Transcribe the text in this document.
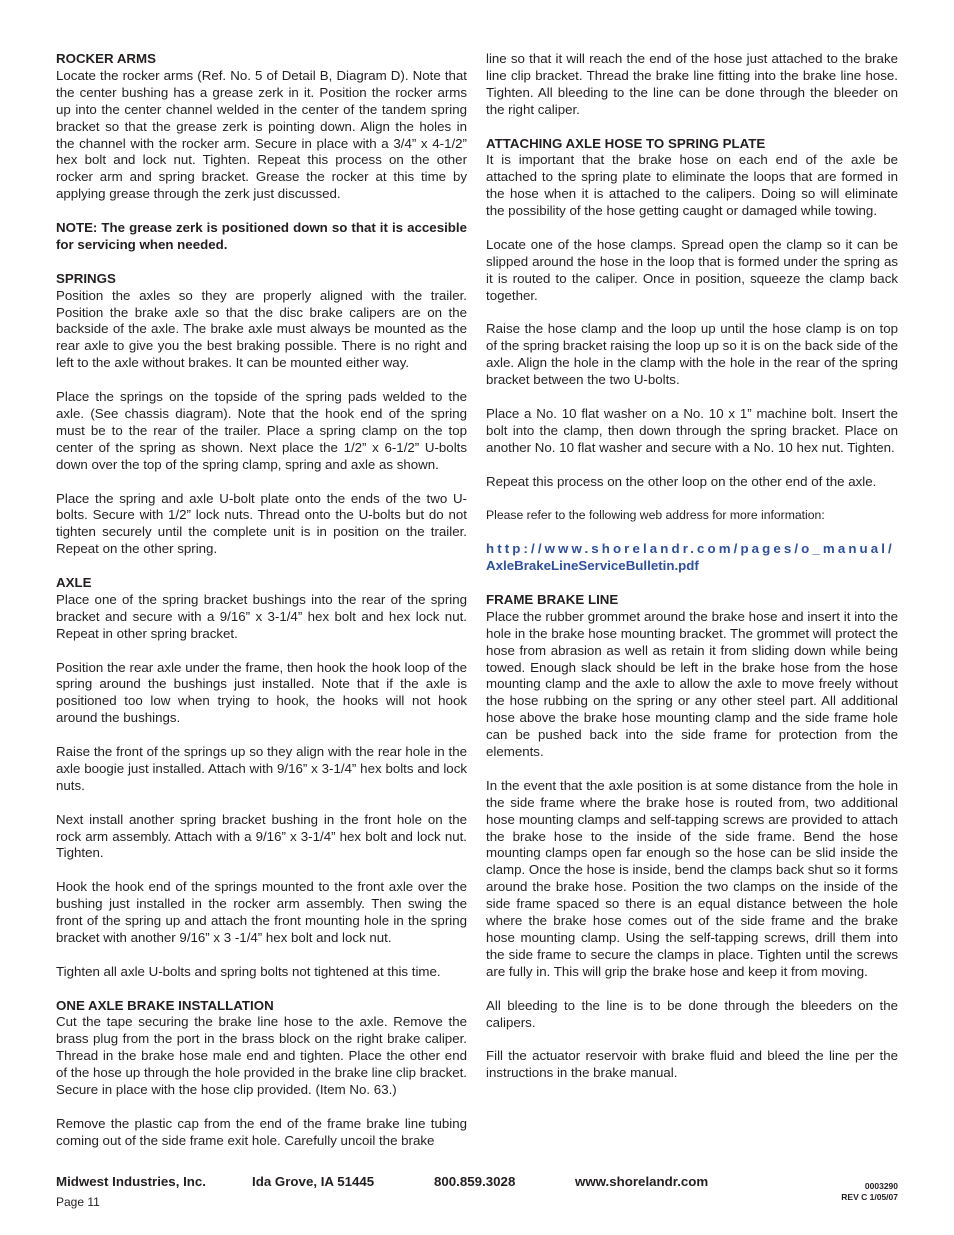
ROCKER ARMS

Locate the rocker arms (Ref. No. 5 of Detail B, Diagram D). Note that the center bushing has a grease zerk in it. Position the rocker arms up into the center channel welded in the center of the tandem spring bracket so that the grease zerk is pointing down. Align the holes in the channel with the rocker arm. Secure in place with a 3/4” x 4-1/2” hex bolt and lock nut. Tighten. Repeat this process on the other rocker arm and spring bracket. Grease the rocker at this time by applying grease through the zerk just discussed.

NOTE: The grease zerk is positioned down so that it is accesible for servicing when needed.

SPRINGS

Position the axles so they are properly aligned with the trailer. Position the brake axle so that the disc brake calipers are on the backside of the axle. The brake axle must always be mounted as the rear axle to give you the best braking possible. There is no right and left to the axle without brakes. It can be mounted either way.

Place the springs on the topside of the spring pads welded to the axle. (See chassis diagram). Note that the hook end of the spring must be to the rear of the trailer. Place a spring clamp on the top center of the spring as shown. Next place the 1/2” x 6-1/2” U-bolts down over the top of the spring clamp, spring and axle as shown.

Place the spring and axle U-bolt plate onto the ends of the two U-bolts. Secure with 1/2” lock nuts. Thread onto the U-bolts but do not tighten securely until the complete unit is in position on the trailer. Repeat on the other spring.

AXLE

Place one of the spring bracket bushings into the rear of the spring bracket and secure with a 9/16” x 3-1/4” hex bolt and hex lock nut. Repeat in other spring bracket.

Position the rear axle under the frame, then hook the hook loop of the spring around the bushings just installed. Note that if the axle is positioned too low when trying to hook, the hooks will not hook around the bushings.

Raise the front of the springs up so they align with the rear hole in the axle boogie just installed. Attach with 9/16” x 3-1/4” hex bolts and lock nuts.

Next install another spring bracket bushing in the front hole on the rock arm assembly. Attach with a 9/16” x 3-1/4” hex bolt and lock nut. Tighten.

Hook the hook end of the springs mounted to the front axle over the bushing just installed in the rocker arm assembly. Then swing the front of the spring up and attach the front mounting hole in the spring bracket with another 9/16” x 3 -1/4” hex bolt and lock nut.

Tighten all axle U-bolts and spring bolts not tightened at this time.

ONE AXLE BRAKE INSTALLATION

Cut the tape securing the brake line hose to the axle. Remove the brass plug from the port in the brass block on the right brake caliper. Thread in the brake hose male end and tighten. Place the other end of the hose up through the hole provided in the brake line clip bracket. Secure in place with the hose clip provided. (Item No. 63.)

Remove the plastic cap from the end of the frame brake line tubing coming out of the side frame exit hole. Carefully uncoil the brake

line so that it will reach the end of the hose just attached to the brake line clip bracket. Thread the brake line fitting into the brake line hose. Tighten. All bleeding to the line can be done through the bleeder on the right caliper.

ATTACHING AXLE HOSE TO SPRING PLATE

It is important that the brake hose on each end of the axle be attached to the spring plate to eliminate the loops that are formed in the hose when it is attached to the calipers. Doing so will eliminate the possibility of the hose getting caught or damaged while towing.

Locate one of the hose clamps. Spread open the clamp so it can be slipped around the hose in the loop that is formed under the spring as it is routed to the caliper. Once in position, squeeze the clamp back together.

Raise the hose clamp and the loop up until the hose clamp is on top of the spring bracket raising the loop up so it is on the back side of the axle. Align the hole in the clamp with the hole in the rear of the spring bracket between the two U-bolts.

Place a No. 10 flat washer on a No. 10 x 1” machine bolt. Insert the bolt into the clamp, then down through the spring bracket. Place on another No. 10 flat washer and secure with a No. 10 hex nut. Tighten.

Repeat this process on the other loop on the other end of the axle.

Please refer to the following web address for more information:

http://www.shorelandr.com/pages/o_manual/
AxleBrakeLineServiceBulletin.pdf

FRAME BRAKE LINE

Place the rubber grommet around the brake hose and insert it into the hole in the brake hose mounting bracket. The grommet will protect the hose from abrasion as well as retain it from sliding down while being towed. Enough slack should be left in the brake hose from the hose mounting clamp and the axle to allow the axle to move freely without the hose rubbing on the spring or any other steel part. All additional hose above the brake hose mounting clamp and the side frame hole can be pushed back into the side frame for protection from the elements.

In the event that the axle position is at some distance from the hole in the side frame where the brake hose is routed from, two additional hose mounting clamps and self-tapping screws are provided to attach the brake hose to the inside of the side frame. Bend the hose mounting clamps open far enough so the hose can be slid inside the clamp. Once the hose is inside, bend the clamps back shut so it forms around the brake hose. Position the two clamps on the inside of the side frame spaced so there is an equal distance between the hole where the brake hose comes out of the side frame and the brake hose mounting clamp. Using the self-tapping screws, drill them into the side frame to secure the clamps in place. Tighten until the screws are fully in. This will grip the brake hose and keep it from moving.

All bleeding to the line is to be done through the bleeders on the calipers.

Fill the actuator reservoir with brake fluid and bleed the line per the instructions in the brake manual.

Midwest Industries, Inc.	Ida Grove, IA 51445	800.859.3028	www.shorelandr.com
Page 11
0003290
REV C 1/05/07
